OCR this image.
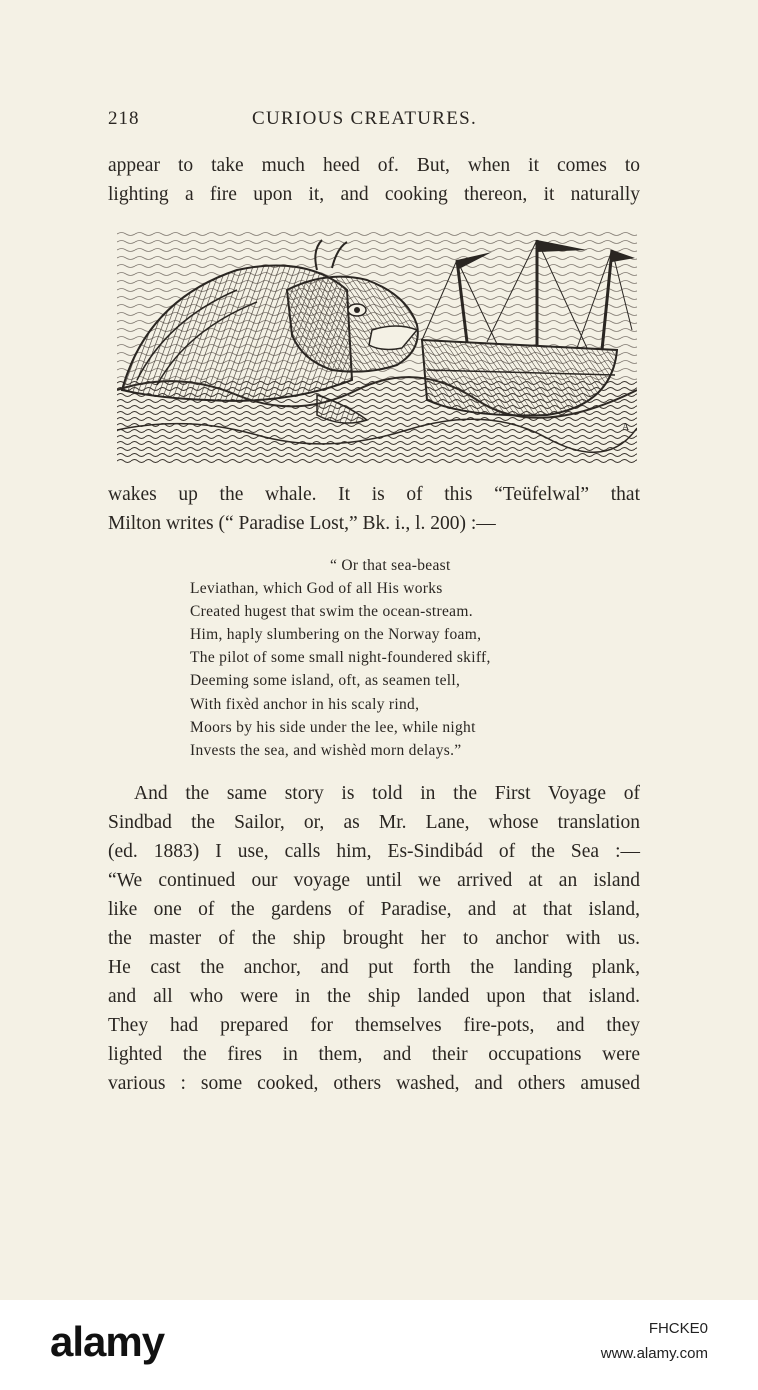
218	CURIOUS CREATURES.
appear to take much heed of. But, when it comes to
lighting a fire upon it, and cooking thereon, it naturally
A
wakes up the whale. It is of this “Teüfelwal” that
Milton writes (“ Paradise Lost,” Bk. i., l. 200) :—
“ Or that sea-beast
Leviathan, which God of all His works
Created hugest that swim the ocean-stream.
Him, haply slumbering on the Norway foam,
The pilot of some small night-foundered skiff,
Deeming some island, oft, as seamen tell,
With fixèd anchor in his scaly rind,
Moors by his side under the lee, while night
Invests the sea, and wishèd morn delays.”
And the same story is told in the First Voyage of
Sindbad the Sailor, or, as Mr. Lane, whose translation
(ed. 1883) I use, calls him, Es-Sindibád of the Sea :—
“We continued our voyage until we arrived at an island
like one of the gardens of Paradise, and at that island,
the master of the ship brought her to anchor with us.
He cast the anchor, and put forth the landing plank,
and all who were in the ship landed upon that island.
They had prepared for themselves fire-pots, and they
lighted the fires in them, and their occupations were
various : some cooked, others washed, and others amused
alamy	FHCKE0
www.alamy.com
